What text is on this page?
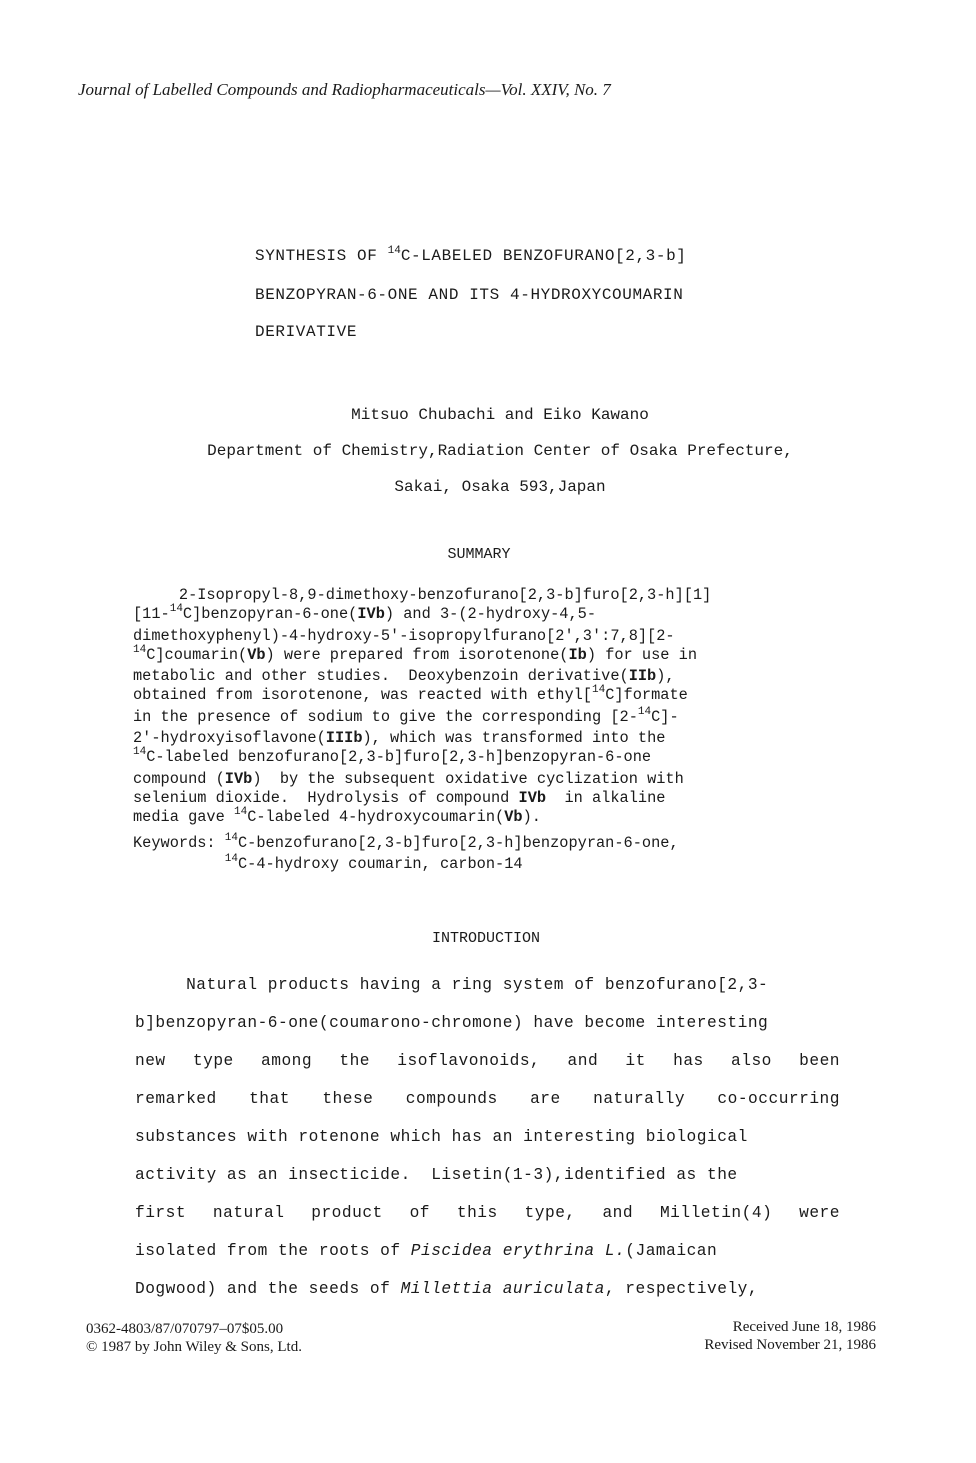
Journal of Labelled Compounds and Radiopharmaceuticals—Vol. XXIV, No. 7
SYNTHESIS OF $^{14}$C-LABELED BENZOFURANO[2,3-b]
BENZOPYRAN-6-ONE AND ITS 4-HYDROXYCOUMARIN
DERIVATIVE
Mitsuo Chubachi and Eiko Kawano
Department of Chemistry,Radiation Center of Osaka Prefecture,
Sakai, Osaka 593,Japan
SUMMARY
2-Isopropyl-8,9-dimethoxy-benzofurano[2,3-b]furo[2,3-h][1]
[11-$^{14}$C]benzopyran-6-one(IVb) and 3-(2-hydroxy-4,5-
dimethoxyphenyl)-4-hydroxy-5'-isopropylfurano[2',3':7,8][2-
$^{14}$C]coumarin(Vb) were prepared from isorotenone(Ib) for use in
metabolic and other studies.  Deoxybenzoin derivative(IIb),
obtained from isorotenone, was reacted with ethyl[$^{14}$C]formate
in the presence of sodium to give the corresponding [2-$^{14}$C]-
2'-hydroxyisoflavone(IIIb), which was transformed into the
$^{14}$C-labeled benzofurano[2,3-b]furo[2,3-h]benzopyran-6-one
compound (IVb)  by the subsequent oxidative cyclization with
selenium dioxide.  Hydrolysis of compound IVb  in alkaline
media gave $^{14}$C-labeled 4-hydroxycoumarin(Vb).
Keywords: $^{14}$C-benzofurano[2,3-b]furo[2,3-h]benzopyran-6-one,
$^{14}$C-4-hydroxy coumarin, carbon-14
INTRODUCTION
Natural products having a ring system of benzofurano[2,3-
b]benzopyran-6-one(coumarono-chromone) have become interesting
new type among the isoflavonoids, and it has also been
remarked that these compounds are naturally co-occurring
substances with rotenone which has an interesting biological
activity as an insecticide.  Lisetin(1-3),identified as the
first natural product of this type, and Milletin(4) were
isolated from the roots of Piscidea erythrina L.(Jamaican
Dogwood) and the seeds of Millettia auriculata, respectively,
0362-4803/87/070797–07$05.00
© 1987 by John Wiley & Sons, Ltd.
Received June 18, 1986
Revised November 21, 1986
